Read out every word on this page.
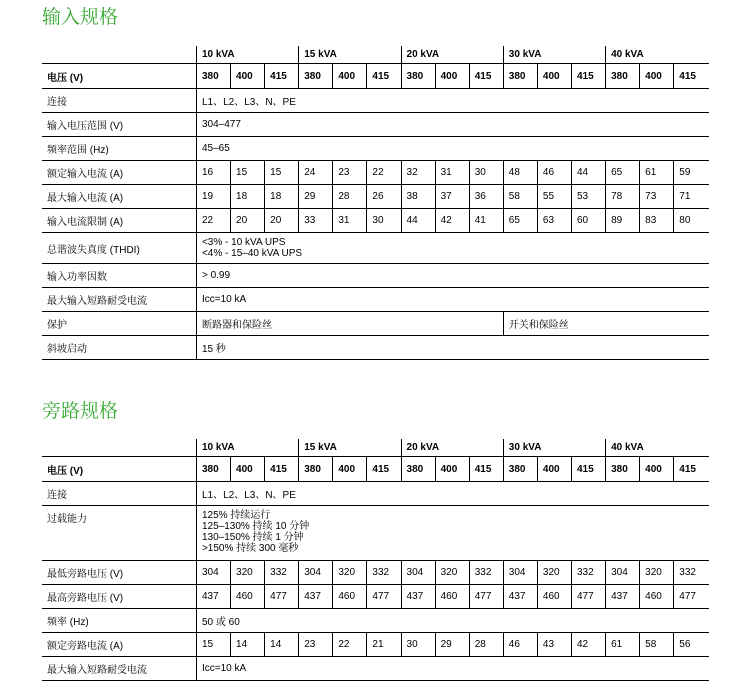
输入规格
	10 kVA			15 kVA			20 kVA			30 kVA			40 kVA		
电压 (V)	380	400	415	380	400	415	380	400	415	380	400	415	380	400	415
连接	L1、L2、L3、N、PE														
输入电压范围 (V)	304–477														
频率范围 (Hz)	45–65														
额定输入电流 (A)	16	15	15	24	23	22	32	31	30	48	46	44	65	61	59
最大输入电流 (A)	19	18	18	29	28	26	38	37	36	58	55	53	78	73	71
输入电流限制 (A)	22	20	20	33	31	30	44	42	41	65	63	60	89	83	80
总谐波失真度 (THDI)	<3% - 10 kVA UPS
<4% - 15–40 kVA UPS														

输入功率因数	> 0.99														
最大输入短路耐受电流	Icc=10 kA														
保护	断路器和保险丝									开关和保险丝					
斜坡启动	15 秒														
旁路规格
	10 kVA			15 kVA			20 kVA			30 kVA			40 kVA		
电压 (V)	380	400	415	380	400	415	380	400	415	380	400	415	380	400	415
连接	L1、L2、L3、N、PE														
过载能力	125% 持续运行
125–130% 持续 10 分钟
130–150% 持续 1 分钟
>150% 持续 300 毫秒														

最低旁路电压 (V)	304	320	332	304	320	332	304	320	332	304	320	332	304	320	332
最高旁路电压 (V)	437	460	477	437	460	477	437	460	477	437	460	477	437	460	477
频率 (Hz)	50 或 60														
额定旁路电流 (A)	15	14	14	23	22	21	30	29	28	46	43	42	61	58	56
最大输入短路耐受电流	Icc=10 kA														
